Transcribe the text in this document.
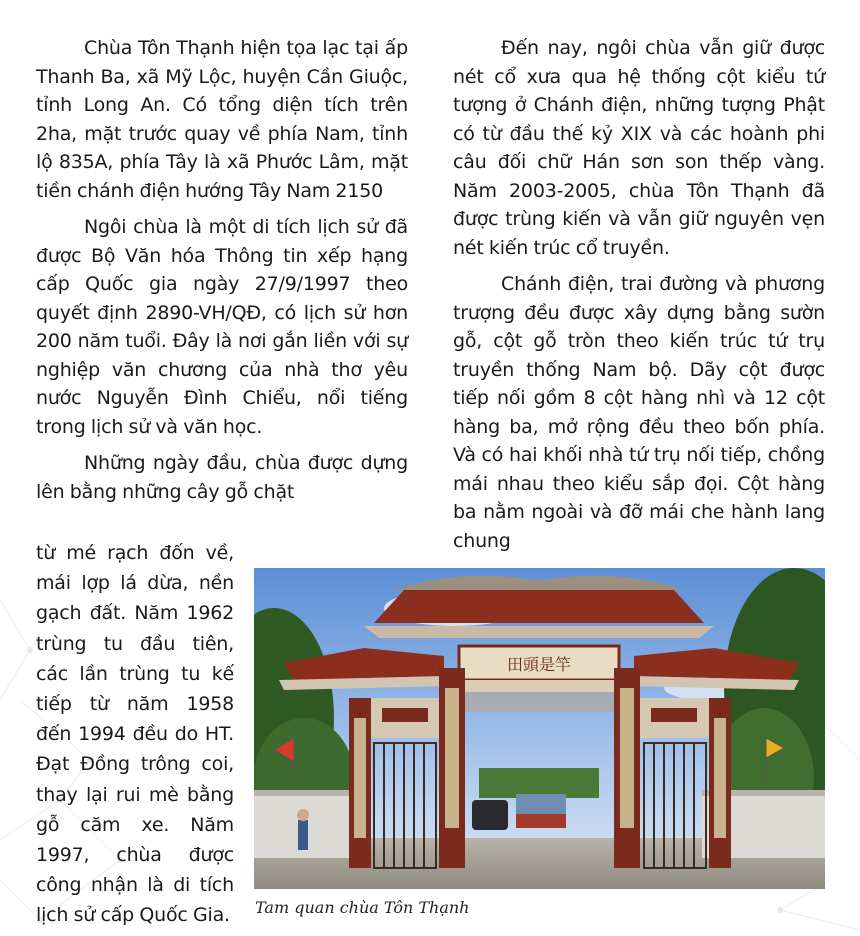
Chùa Tôn Thạnh hiện tọa lạc tại ấp Thanh Ba, xã Mỹ Lộc, huyện Cần Giuộc, tỉnh Long An. Có tổng diện tích trên 2ha, mặt trước quay về phía Nam, tỉnh lộ 835A, phía Tây là xã Phước Lâm, mặt tiền chánh điện hướng Tây Nam 2150

Ngôi chùa là một di tích lịch sử đã được Bộ Văn hóa Thông tin xếp hạng cấp Quốc gia ngày 27/9/1997 theo quyết định 2890-VH/QĐ, có lịch sử hơn 200 năm tuổi. Đây là nơi gắn liền với sự nghiệp văn chương của nhà thơ yêu nước Nguyễn Đình Chiểu, nổi tiếng trong lịch sử và văn học.

Những ngày đầu, chùa được dựng lên bằng những cây gỗ chặt

từ mé rạch đốn về, mái lợp lá dừa, nền gạch đất. Năm 1962 trùng tu đầu tiên, các lần trùng tu kế tiếp từ năm 1958 đến 1994 đều do HT. Đạt Đồng trông coi, thay lại rui mè bằng gỗ căm xe. Năm 1997, chùa được công nhận là di tích lịch sử cấp Quốc Gia.

Đến nay, ngôi chùa vẫn giữ được nét cổ xưa qua hệ thống cột kiểu tứ tượng ở Chánh điện, những tượng Phật có từ đầu thế kỷ XIX và các hoành phi câu đối chữ Hán sơn son thếp vàng. Năm 2003-2005, chùa Tôn Thạnh đã được trùng kiến và vẫn giữ nguyên vẹn nét kiến trúc cổ truyền.

Chánh điện, trai đường và phương trượng đều được xây dựng bằng sườn gỗ, cột gỗ tròn theo kiến trúc tứ trụ truyền thống Nam bộ. Dãy cột được tiếp nối gồm 8 cột hàng nhì và 12 cột hàng ba, mở rộng đều theo bốn phía. Và có hai khối nhà tứ trụ nối tiếp, chồng mái nhau theo kiểu sắp đọi. Cột hàng ba nằm ngoài và đỡ mái che hành lang chung

田頭是竿
Tam quan chùa Tôn Thạnh
